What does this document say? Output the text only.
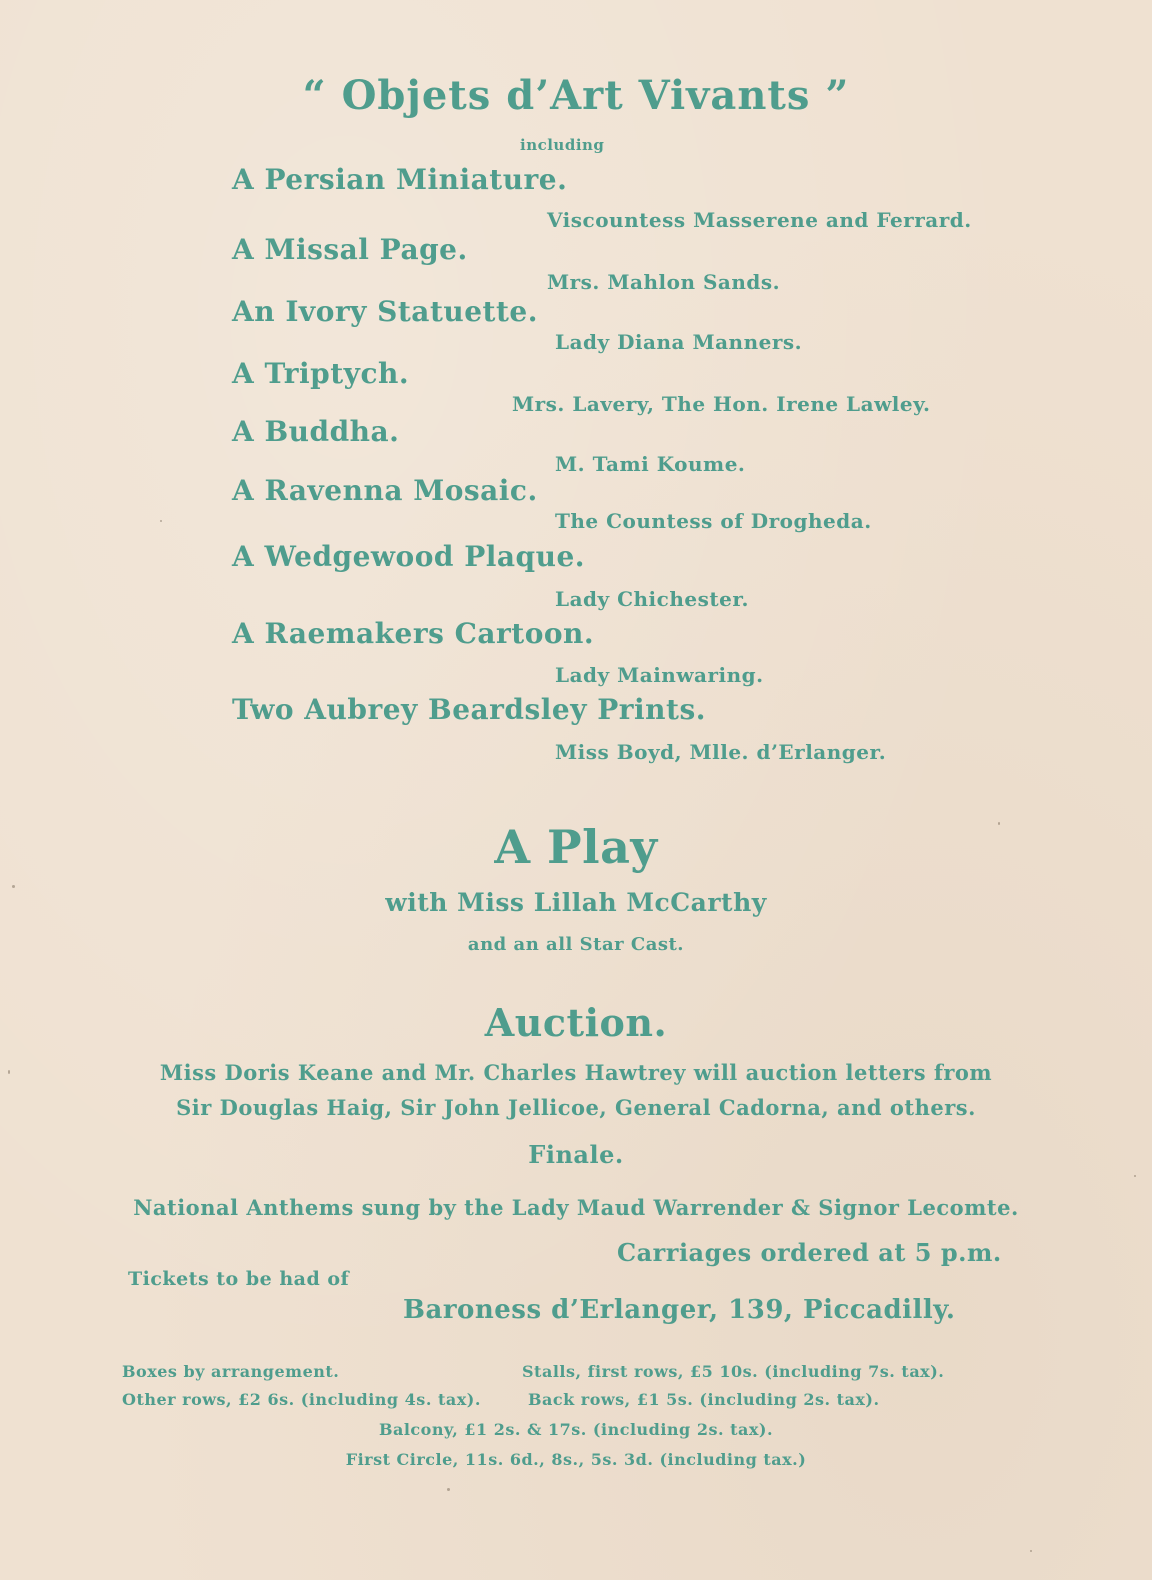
“ Objets d’Art Vivants ”
including
A Persian Miniature.
Viscountess Masserene and Ferrard.
A Missal Page.
Mrs. Mahlon Sands.
An Ivory Statuette.
Lady Diana Manners.
A Triptych.
Mrs. Lavery, The Hon. Irene Lawley.
A Buddha.
M. Tami Koume.
A Ravenna Mosaic.
The Countess of Drogheda.
A Wedgewood Plaque.
Lady Chichester.
A Raemakers Cartoon.
Lady Mainwaring.
Two Aubrey Beardsley Prints.
Miss Boyd, Mlle. d’Erlanger.
A Play
with Miss Lillah McCarthy
and an all Star Cast.
Auction.
Miss Doris Keane and Mr. Charles Hawtrey will auction letters from
Sir Douglas Haig, Sir John Jellicoe, General Cadorna, and others.
Finale.
National Anthems sung by the Lady Maud Warrender & Signor Lecomte.
Carriages ordered at 5 p.m.
Tickets to be had of
Baroness d’Erlanger, 139, Piccadilly.
Boxes by arrangement.	Stalls, first rows, £5 10s. (including 7s. tax).
Other rows, £2 6s. (including 4s. tax).	Back rows, £1 5s. (including 2s. tax).
Balcony, £1 2s. & 17s. (including 2s. tax).
First Circle, 11s. 6d., 8s., 5s. 3d. (including tax.)
